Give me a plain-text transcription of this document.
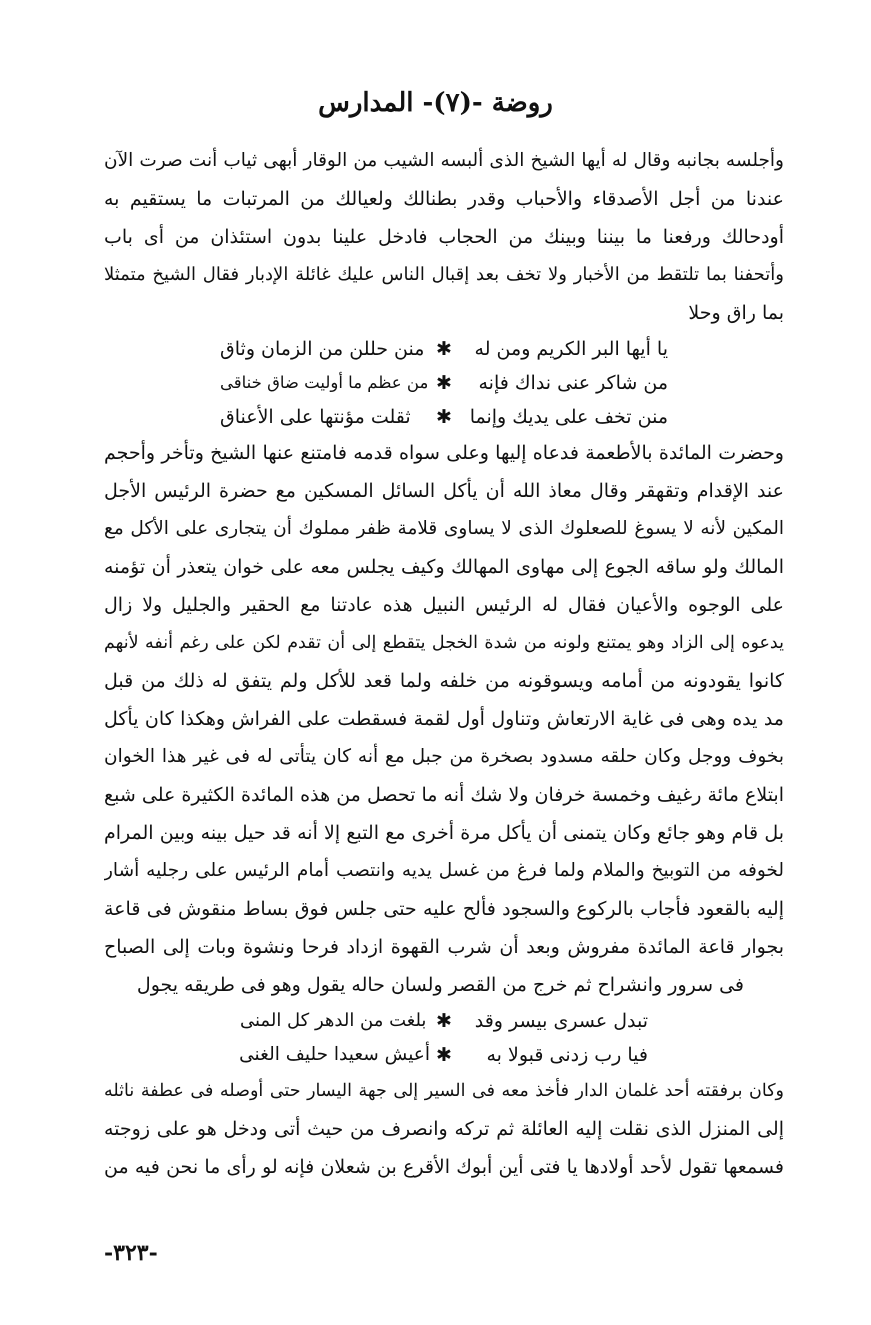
روضة -(٧)- المدارس
وأجلسه بجانبه وقال له أيها الشيخ الذى ألبسه الشيب من الوقار أبهى ثياب أنت صرت الآن
عندنا من أجل الأصدقاء والأحباب وقدر بطنالك ولعيالك من المرتبات ما يستقيم به
أودحالك ورفعنا ما بيننا وبينك من الحجاب فادخل علينا بدون استئذان من أى باب
وأتحفنا بما تلتقط من الأخبار ولا تخف بعد إقبال الناس عليك غائلة الإدبار فقال الشيخ متمثلا
بما راق وحلا
يا أيها البر الكريم ومن له
✱
منن حللن من الزمان وثاق
من شاكر عنى نداك فإنه
✱
من عظم ما أوليت ضاق خناقى
منن تخف على يديك وإنما
✱
ثقلت مؤنتها على الأعناق
وحضرت المائدة بالأطعمة فدعاه إليها وعلى سواه قدمه فامتنع عنها الشيخ وتأخر وأحجم
عند الإقدام وتقهقر وقال معاذ الله أن يأكل السائل المسكين مع حضرة الرئيس الأجل
المكين لأنه لا يسوغ للصعلوك الذى لا يساوى قلامة ظفر مملوك أن يتجارى على الأكل مع
المالك ولو ساقه الجوع إلى مهاوى المهالك وكيف يجلس معه على خوان يتعذر أن تؤمنه
على الوجوه والأعيان فقال له الرئيس النبيل هذه عادتنا مع الحقير والجليل ولا زال
يدعوه إلى الزاد وهو يمتنع ولونه من شدة الخجل يتقطع إلى أن تقدم لكن على رغم أنفه لأنهم
كانوا يقودونه من أمامه ويسوقونه من خلفه ولما قعد للأكل ولم يتفق له ذلك من قبل
مد يده وهى فى غاية الارتعاش وتناول أول لقمة فسقطت على الفراش وهكذا كان يأكل
بخوف ووجل وكان حلقه مسدود بصخرة من جبل مع أنه كان يتأتى له فى غير هذا الخوان
ابتلاع مائة رغيف وخمسة خرفان ولا شك أنه ما تحصل من هذه المائدة الكثيرة على شبع
بل قام وهو جائع وكان يتمنى أن يأكل مرة أخرى مع التبع إلا أنه قد حيل بينه وبين المرام
لخوفه من التوبيخ والملام ولما فرغ من غسل يديه وانتصب أمام الرئيس على رجليه أشار
إليه بالقعود فأجاب بالركوع والسجود فألح عليه حتى جلس فوق بساط منقوش فى قاعة
بجوار قاعة المائدة مفروش وبعد أن شرب القهوة ازداد فرحا ونشوة وبات إلى الصباح
فى سرور وانشراح ثم خرج من القصر ولسان حاله يقول وهو فى طريقه يجول
تبدل عسرى بيسر وقد
✱
بلغت من الدهر كل المنى
فيا رب زدنى قبولا به
✱
أعيش سعيدا حليف الغنى
وكان برفقته أحد غلمان الدار فأخذ معه فى السير إلى جهة اليسار حتى أوصله فى عطفة ناثله
إلى المنزل الذى نقلت إليه العائلة ثم تركه وانصرف من حيث أتى ودخل هو على زوجته
فسمعها تقول لأحد أولادها يا فتى أين أبوك الأقرع بن شعلان فإنه لو رأى ما نحن فيه من
-٣٢٣-
